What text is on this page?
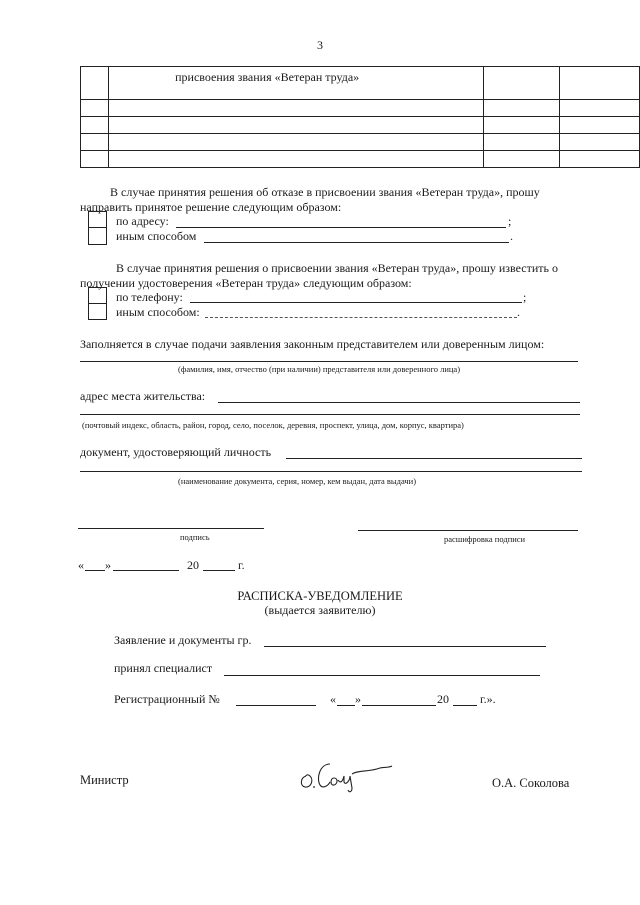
3
	присвоения звания «Ветеран труда»		

В случае принятия решения об отказе в присвоении звания «Ветеран труда», прошу
направить принятое решение следующим образом:
по адресу:	;
иным способом	.
В случае принятия решения о присвоении звания «Ветеран труда», прошу известить о
получении удостоверения «Ветеран труда» следующим образом:
по телефону:	;
иным способом:	.
Заполняется в случае подачи заявления законным представителем или доверенным лицом:
(фамилия, имя, отчество (при наличии) представителя или доверенного лица)
адрес места жительства:
(почтовый индекс, область, район, город, село, поселок, деревня, проспект, улица, дом, корпус, квартира)
документ, удостоверяющий личность
(наименование документа, серия, номер, кем выдан, дата выдачи)
подпись	расшифровка подписи
« »	20	г.
РАСПИСКА-УВЕДОМЛЕНИЕ
(выдается заявителю)
Заявление и документы гр.
принял специалист
Регистрационный №	« »	20	г.».
Министр	О.А. Соколова
